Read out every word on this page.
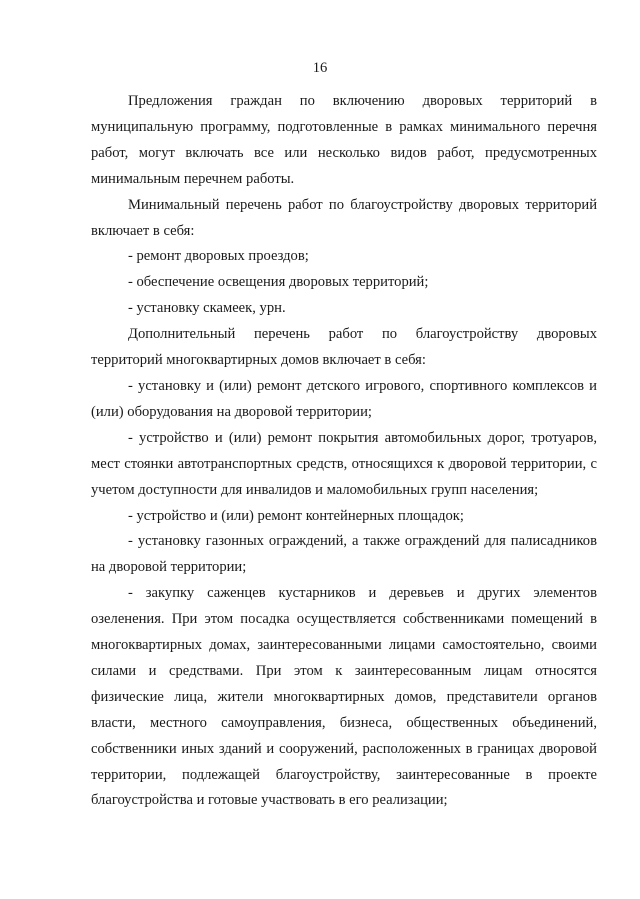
16

Предложения граждан по включению дворовых территорий в муниципальную программу, подготовленные в рамках минимального перечня работ, могут включать все или несколько видов работ, предусмотренных минимальным перечнем работы.

Минимальный перечень работ по благоустройству дворовых территорий включает в себя:

- ремонт дворовых проездов;

- обеспечение освещения дворовых территорий;

- установку скамеек, урн.

Дополнительный перечень работ по благоустройству дворовых территорий многоквартирных домов включает в себя:

- установку и (или) ремонт детского игрового, спортивного комплексов и (или) оборудования на дворовой территории;

- устройство и (или) ремонт покрытия автомобильных дорог, тротуаров, мест стоянки автотранспортных средств, относящихся к дворовой территории, с учетом доступности для инвалидов и маломобильных групп населения;

- устройство и (или) ремонт контейнерных площадок;

- установку газонных ограждений, а также ограждений для палисадников на дворовой территории;

- закупку саженцев кустарников и деревьев и других элементов озеленения. При этом посадка осуществляется собственниками помещений в многоквартирных домах, заинтересованными лицами самостоятельно, своими силами и средствами. При этом к заинтересованным лицам относятся физические лица, жители многоквартирных домов, представители органов власти, местного самоуправления, бизнеса, общественных объединений, собственники иных зданий и сооружений, расположенных в границах дворовой территории, подлежащей благоустройству, заинтересованные в проекте благоустройства и готовые участвовать в его реализации;
